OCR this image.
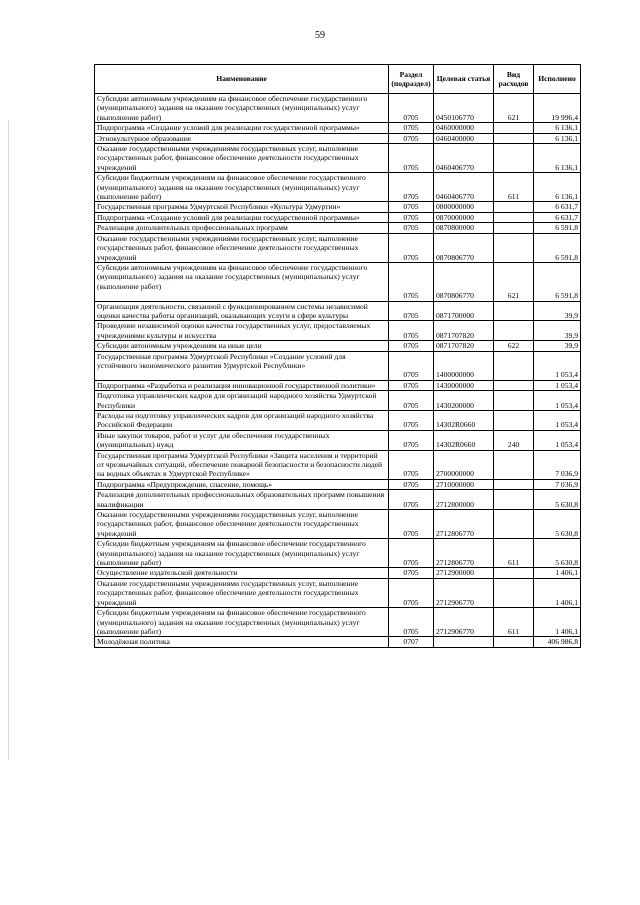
59
Наименование	Раздел (подраздел)	Целевая статья	Вид расходов	Исполнено
Субсидии автономным учреждениям на финансовое обеспечение государственного (муниципального) задания на оказание государственных (муниципальных) услуг (выполнение работ)	0705	0450106770	621	19 996,4
Подпрограмма «Создание условий для реализации государственной программы»	0705	0460000000		6 136,1
Этнокультурное образование	0705	0460400000		6 136,1
Оказание государственными учреждениями государственных услуг, выполнение государственных работ, финансовое обеспечение деятельности государственных учреждений	0705	0460406770		6 136,1
Субсидии бюджетным учреждениям на финансовое обеспечение государственного (муниципального) задания на оказание государственных (муниципальных) услуг (выполнение работ)	0705	0460406770	611	6 136,1
Государственная программа Удмуртской Республики «Культура Удмуртии»	0705	0800000000		6 631,7
Подпрограмма «Создание условий для реализации государственной программы»	0705	0870000000		6 631,7
Реализация дополнительных профессиональных программ	0705	0870800000		6 591,8
Оказание государственными учреждениями государственных услуг, выполнение государственных работ, финансовое обеспечение деятельности государственных учреждений	0705	0870806770		6 591,8
Субсидии автономным учреждениям на финансовое обеспечение государственного (муниципального) задания на оказание государственных (муниципальных) услуг (выполнение работ)	0705	0870806770	621	6 591,8
Организация деятельности, связанной с функционированием системы независимой оценки качества работы организаций, оказывающих услуги в сфере культуры	0705	0871700000		39,9
Проведение независимой оценки качества государственных услуг, предоставляемых учреждениями культуры и искусства	0705	0871707820		39,9
Субсидии автономным учреждениям на иные цели	0705	0871707820	622	39,9
Государственная программа Удмуртской Республики «Создание условий для устойчивого экономического развития Удмуртской Республики»	0705	1400000000		1 053,4
Подпрограмма «Разработка и реализация инновационной государственной политики»	0705	1430000000		1 053,4
Подготовка управленческих кадров для организаций народного хозяйства Удмуртской Республики	0705	1430200000		1 053,4
Расходы на подготовку управленческих кадров для организаций народного хозяйства Российской Федерации	0705	14302R0660		1 053,4
Иные закупки товаров, работ и услуг для обеспечения государственных (муниципальных) нужд	0705	14302R0660	240	1 053,4
Государственная программа Удмуртской Республики «Защита населения и территорий от чрезвычайных ситуаций, обеспечение пожарной безопасности и безопасности людей на водных объектах в Удмуртской Республике»	0705	2700000000		7 036,9
Подпрограмма «Предупреждение, спасение, помощь»	0705	2710000000		7 036,9
Реализация дополнительных профессиональных образовательных программ повышения квалификации	0705	2712800000		5 630,8
Оказание государственными учреждениями государственных услуг, выполнение государственных работ, финансовое обеспечение деятельности государственных учреждений	0705	2712806770		5 630,8
Субсидии бюджетным учреждениям на финансовое обеспечение государственного (муниципального) задания на оказание государственных (муниципальных) услуг (выполнение работ)	0705	2712806770	611	5 630,8
Осуществление издательской деятельности	0705	2712900000		1 406,1
Оказание государственными учреждениями государственных услуг, выполнение государственных работ, финансовое обеспечение деятельности государственных учреждений	0705	2712906770		1 406,1
Субсидии бюджетным учреждениям на финансовое обеспечение государственного (муниципального) задания на оказание государственных (муниципальных) услуг (выполнение работ)	0705	2712906770	611	1 406,1
Молодёжная политика	0707			406 986,8
